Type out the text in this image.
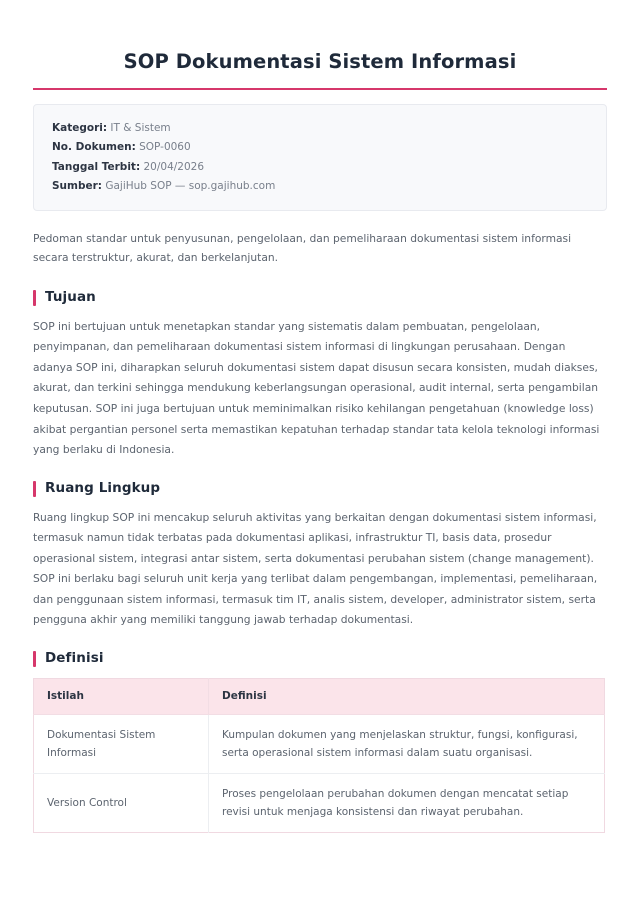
SOP Dokumentasi Sistem Informasi
Kategori: IT & Sistem
No. Dokumen: SOP-0060
Tanggal Terbit: 20/04/2026
Sumber: GajiHub SOP — sop.gajihub.com

Pedoman standar untuk penyusunan, pengelolaan, dan pemeliharaan dokumentasi sistem informasi secara terstruktur, akurat, dan berkelanjutan.

Tujuan

SOP ini bertujuan untuk menetapkan standar yang sistematis dalam pembuatan, pengelolaan, penyimpanan, dan pemeliharaan dokumentasi sistem informasi di lingkungan perusahaan. Dengan adanya SOP ini, diharapkan seluruh dokumentasi sistem dapat disusun secara konsisten, mudah diakses, akurat, dan terkini sehingga mendukung keberlangsungan operasional, audit internal, serta pengambilan keputusan. SOP ini juga bertujuan untuk meminimalkan risiko kehilangan pengetahuan (knowledge loss) akibat pergantian personel serta memastikan kepatuhan terhadap standar tata kelola teknologi informasi yang berlaku di Indonesia.

Ruang Lingkup

Ruang lingkup SOP ini mencakup seluruh aktivitas yang berkaitan dengan dokumentasi sistem informasi, termasuk namun tidak terbatas pada dokumentasi aplikasi, infrastruktur TI, basis data, prosedur operasional sistem, integrasi antar sistem, serta dokumentasi perubahan sistem (change management). SOP ini berlaku bagi seluruh unit kerja yang terlibat dalam pengembangan, implementasi, pemeliharaan, dan penggunaan sistem informasi, termasuk tim IT, analis sistem, developer, administrator sistem, serta pengguna akhir yang memiliki tanggung jawab terhadap dokumentasi.

Definisi
Istilah	Definisi
Dokumentasi Sistem Informasi	Kumpulan dokumen yang menjelaskan struktur, fungsi, konfigurasi, serta operasional sistem informasi dalam suatu organisasi.
Version Control	Proses pengelolaan perubahan dokumen dengan mencatat setiap revisi untuk menjaga konsistensi dan riwayat perubahan.
